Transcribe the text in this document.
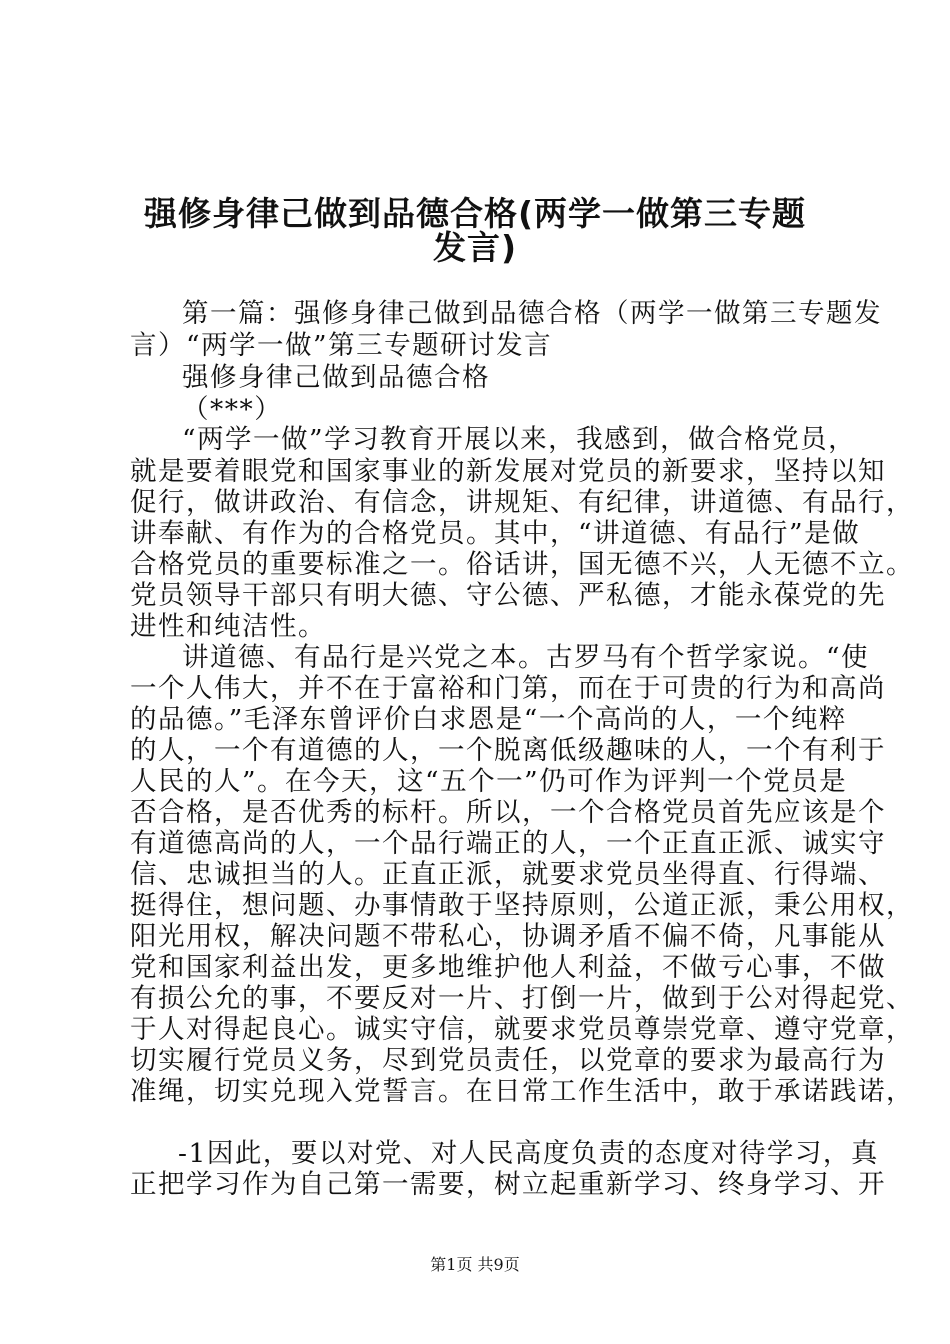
强修身律己做到品德合格(两学一做第三专题
发言)
第一篇：强修身律己做到品德合格（两学一做第三专题发
言）“两学一做”第三专题研讨发言
强修身律己做到品德合格
（***）
“两学一做”学习教育开展以来，我感到，做合格党员，
就是要着眼党和国家事业的新发展对党员的新要求，坚持以知
促行，做讲政治、有信念，讲规矩、有纪律，讲道德、有品行，
讲奉献、有作为的合格党员。其中，“讲道德、有品行”是做
合格党员的重要标准之一。俗话讲，国无德不兴，人无德不立。
党员领导干部只有明大德、守公德、严私德，才能永葆党的先
进性和纯洁性。
讲道德、有品行是兴党之本。古罗马有个哲学家说。“使
一个人伟大，并不在于富裕和门第，而在于可贵的行为和高尚
的品德。”毛泽东曾评价白求恩是“一个高尚的人，一个纯粹
的人，一个有道德的人，一个脱离低级趣味的人，一个有利于
人民的人”。在今天，这“五个一”仍可作为评判一个党员是
否合格，是否优秀的标杆。所以，一个合格党员首先应该是个
有道德高尚的人，一个品行端正的人，一个正直正派、诚实守
信、忠诚担当的人。正直正派，就要求党员坐得直、行得端、
挺得住，想问题、办事情敢于坚持原则，公道正派，秉公用权，
阳光用权，解决问题不带私心，协调矛盾不偏不倚，凡事能从
党和国家利益出发，更多地维护他人利益，不做亏心事，不做
有损公允的事，不要反对一片、打倒一片，做到于公对得起党、
于人对得起良心。诚实守信，就要求党员尊崇党章、遵守党章，
切实履行党员义务，尽到党员责任，以党章的要求为最高行为
准绳，切实兑现入党誓言。在日常工作生活中，敢于承诺践诺，
-1因此，要以对党、对人民高度负责的态度对待学习，真
正把学习作为自己第一需要，树立起重新学习、终身学习、开
第1页 共9页
